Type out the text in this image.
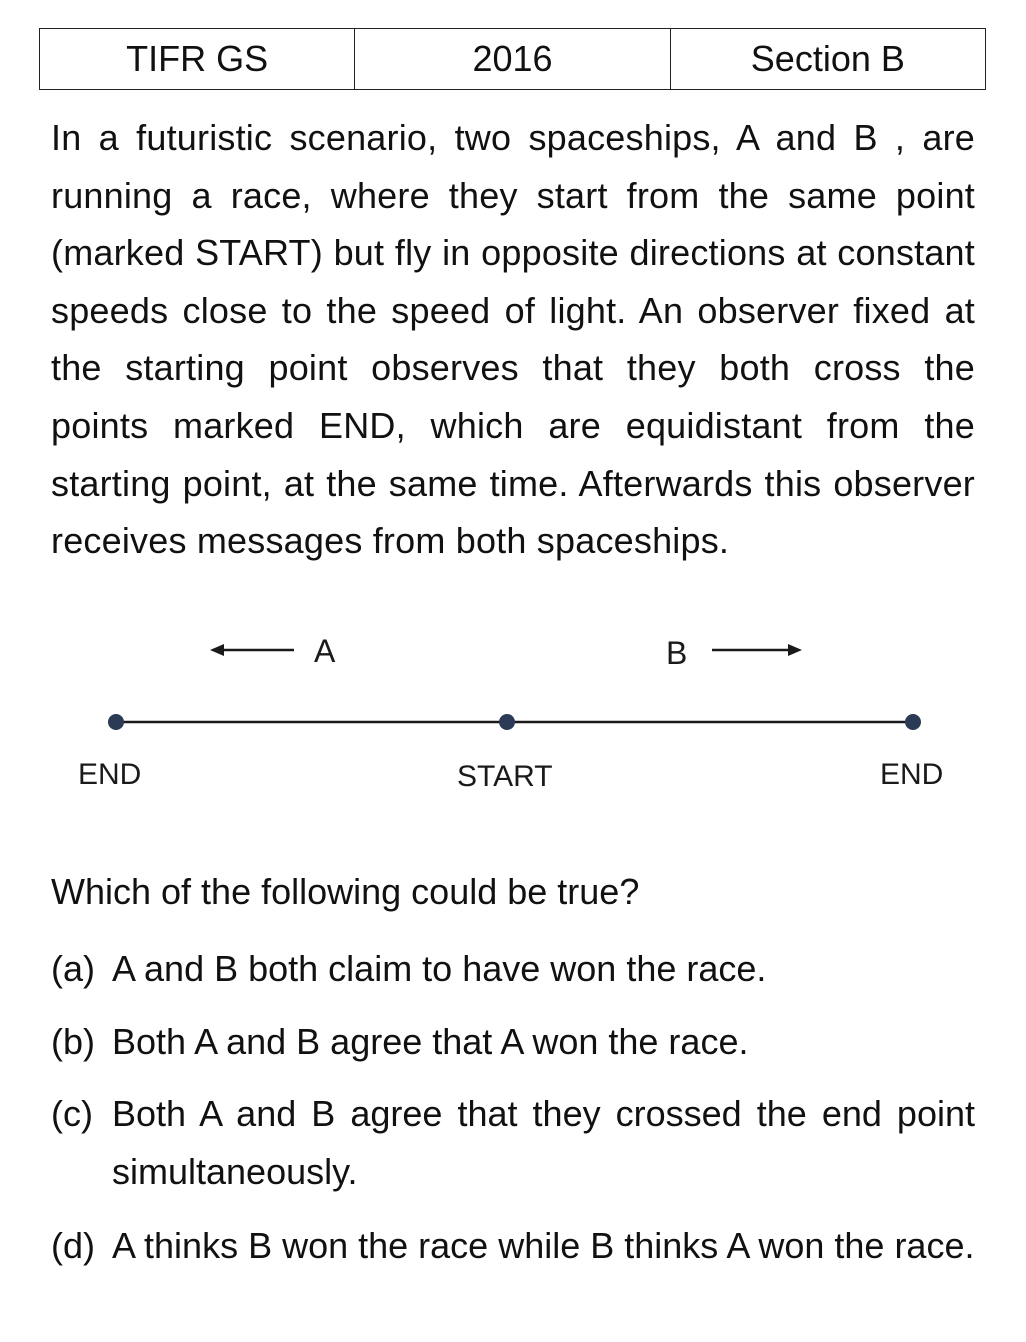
TIFR GS	2016	Section B

In a futuristic scenario, two spaceships, A and B , are running a race, where they start from the same point (marked START) but fly in opposite directions at constant speeds close to the speed of light. An observer fixed at the starting point observes that they both cross the points marked END, which are equidistant from the starting point, at the same time. Afterwards this observer receives messages from both spaceships.

A	B
END	START	END

Which of the following could be true?

(a) A and B both claim to have won the race.

(b) Both A and B agree that A won the race.

(c) Both A and B agree that they crossed the end point simultaneously.

(d) A thinks B won the race while B thinks A won the race.
